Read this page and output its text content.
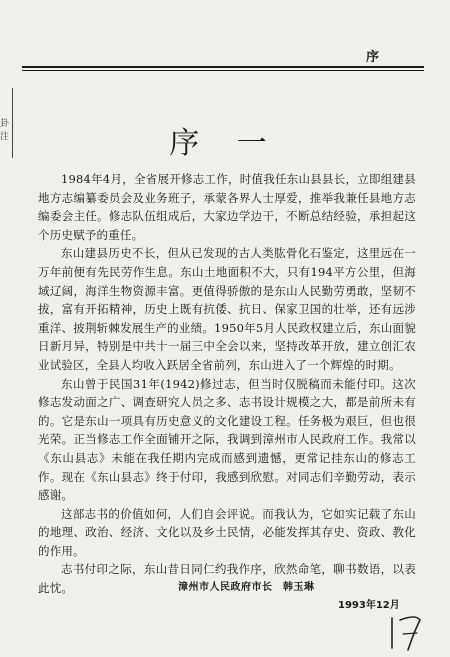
卦 注
序
序 一

1984年4月，全省展开修志工作，时值我任东山县县长，立即组建县地方志编纂委员会及业务班子，承蒙各界人士厚爱，推举我兼任县地方志编委会主任。修志队伍组成后，大家边学边干，不断总结经验，承担起这个历史赋予的重任。

东山建县历史不长，但从已发现的古人类肱骨化石鉴定，这里远在一万年前便有先民劳作生息。东山土地面积不大，只有194平方公里，但海域辽阔，海洋生物资源丰富。更值得骄傲的是东山人民勤劳勇敢，坚韧不拔，富有开拓精神，历史上既有抗倭、抗日、保家卫国的壮举，还有远涉重洋、披荆斩棘发展生产的业绩。1950年5月人民政权建立后，东山面貌日新月异，特别是中共十一届三中全会以来，坚持改革开放，建立创汇农业试验区，全县人均收入跃居全省前列，东山进入了一个辉煌的时期。

东山曾于民国31年(1942)修过志，但当时仅脱稿而未能付印。这次修志发动面之广、调查研究人员之多、志书设计规模之大，都是前所未有的。它是东山一项具有历史意义的文化建设工程。任务极为艰巨，但也很光荣。正当修志工作全面铺开之际，我调到漳州市人民政府工作。我常以《东山县志》未能在我任期内完成而感到遗憾，更常记挂东山的修志工作。现在《东山县志》终于付印，我感到欣慰。对同志们辛勤劳动，表示感谢。

这部志书的价值如何，人们自会评说。而我认为，它如实记载了东山的地理、政治、经济、文化以及乡土民情，必能发挥其存史、资政、教化的作用。

志书付印之际，东山昔日同仁约我作序，欣然命笔，聊书数语，以表此忱。	漳州市人民政府市长　韩玉琳
1993年12月
